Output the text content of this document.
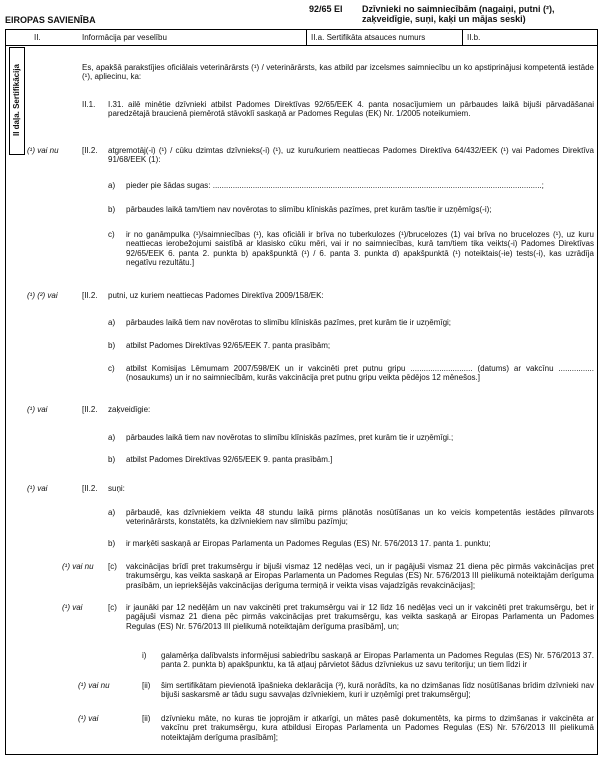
EIROPAS SAVIENĪBA
92/65 EI Dzīvnieki no saimniecībām (nagaiņi, putni (²), zaķveidīgie, suņi, kaķi un mājas seski)
II.	Informācija par veselību	II.a. Sertifikāta atsauces numurs	II.b.
II daļa. Sertifikācija	Es, apakšā parakstījies oficiālais veterinārārsts (¹) / veterinārārsts, kas atbild par izcelsmes saimniecību un ko apstiprinājusi kompetentā iestāde (¹), apliecinu, ka:
II.1. I.31. ailē minētie dzīvnieki atbilst Padomes Direktīvas 92/65/EEK 4. panta nosacījumiem un pārbaudes laikā bijuši pārvadāšanai paredzētajā braucienā piemērotā stāvoklī saskaņā ar Padomes Regulas (EK) Nr. 1/2005 noteikumiem.
(¹) vai nu	[II.2. atgremotāj(-i) (¹) / cūku dzimtas dzīvnieks(-i) (¹), uz kuru/kuriem neattiecas Padomes Direktīva 64/432/EEK (¹) vai Padomes Direktīva 91/68/EEK (1):
a) pieder pie šādas sugas: ....................................................................................................................................................;
b) pārbaudes laikā tam/tiem nav novērotas to slimību klīniskās pazīmes, pret kurām tas/tie ir uzņēmīgs(-i);
c) ir no ganāmpulka (¹)/saimniecības (¹), kas oficiāli ir brīva no tuberkulozes (¹)/brucelozes (1) vai brīva no brucelozes (¹), uz kuru neattiecas ierobežojumi saistībā ar klasisko cūku mēri, vai ir no saimniecības, kurā tam/tiem tika veikts(-i) Padomes Direktīvas 92/65/EEK 6. panta 2. punkta b) apakšpunktā (¹) / 6. panta 3. punkta d) apakšpunktā (¹) noteiktais(-ie) tests(-i), kas uzrādīja negatīvu rezultātu.]
(¹) (²) vai	[II.2. putni, uz kuriem neattiecas Padomes Direktīva 2009/158/EK:
a) pārbaudes laikā tiem nav novērotas to slimību klīniskās pazīmes, pret kurām tie ir uzņēmīgi;
b) atbilst Padomes Direktīvas 92/65/EEK 7. panta prasībām;
c) atbilst Komisijas Lēmumam 2007/598/EK un ir vakcinēti pret putnu gripu ............................ (datums) ar vakcīnu ................ (nosaukums) un ir no saimniecībām, kurās vakcinācija pret putnu gripu veikta pēdējos 12 mēnešos.]
(¹) vai	[II.2. zaķveidīgie:
a) pārbaudes laikā tiem nav novērotas to slimību klīniskās pazīmes, pret kurām tie ir uzņēmīgi.;
b) atbilst Padomes Direktīvas 92/65/EEK 9. panta prasībām.]
(¹) vai	[II.2. suņi:
a) pārbaudē, kas dzīvniekiem veikta 48 stundu laikā pirms plānotās nosūtīšanas un ko veicis kompetentās iestādes pilnvarots veterinārārsts, konstatēts, ka dzīvniekiem nav slimību pazīmju;
b) ir marķēti saskaņā ar Eiropas Parlamenta un Padomes Regulas (ES) Nr. 576/2013 17. panta 1. punktu;
(¹) vai nu [c) vakcinācijas brīdī pret trakumsērgu ir bijuši vismaz 12 nedēļas veci, un ir pagājuši vismaz 21 diena pēc pirmās vakcinācijas pret trakumsērgu, kas veikta saskaņā ar Eiropas Parlamenta un Padomes Regulas (ES) Nr. 576/2013 III pielikumā noteiktajām derīguma prasībām, un iepriekšējās vakcinācijas derīguma termiņā ir veikta visas vajadzīgās revakcinācijas];
(¹) vai	[c) ir jaunāki par 12 nedēļām un nav vakcinēti pret trakumsērgu vai ir 12 līdz 16 nedēļas veci un ir vakcinēti pret trakumsērgu, bet ir pagājuši vismaz 21 diena pēc pirmās vakcinācijas pret trakumsērgu, kas veikta saskaņā ar Eiropas Parlamenta un Padomes Regulas (ES) Nr. 576/2013 III pielikumā noteiktajām derīguma prasībām], un;
i) galamērķa dalībvalsts informējusi sabiedrību saskaņā ar Eiropas Parlamenta un Padomes Regulas (ES) Nr. 576/2013 37. panta 2. punkta b) apakšpunktu, ka tā atļauj pārvietot šādus dzīvniekus uz savu teritoriju; un tiem līdzi ir
(¹) vai nu	[ii) šim sertifikātam pievienotā īpašnieka deklarācija (³), kurā norādīts, ka no dzimšanas līdz nosūtīšanas brīdim dzīvnieki nav bijuši saskarsmē ar tādu sugu savvaļas dzīvniekiem, kuri ir uzņēmīgi pret trakumsērgu];
(¹) vai	[ii) dzīvnieku māte, no kuras tie joprojām ir atkarīgi, un mātes pasē dokumentēts, ka pirms to dzimšanas ir vakcinēta ar vakcīnu pret trakumsērgu, kura atbildusi Eiropas Parlamenta un Padomes Regulas (ES) Nr. 576/2013 III pielikumā noteiktajām derīguma prasībām];
